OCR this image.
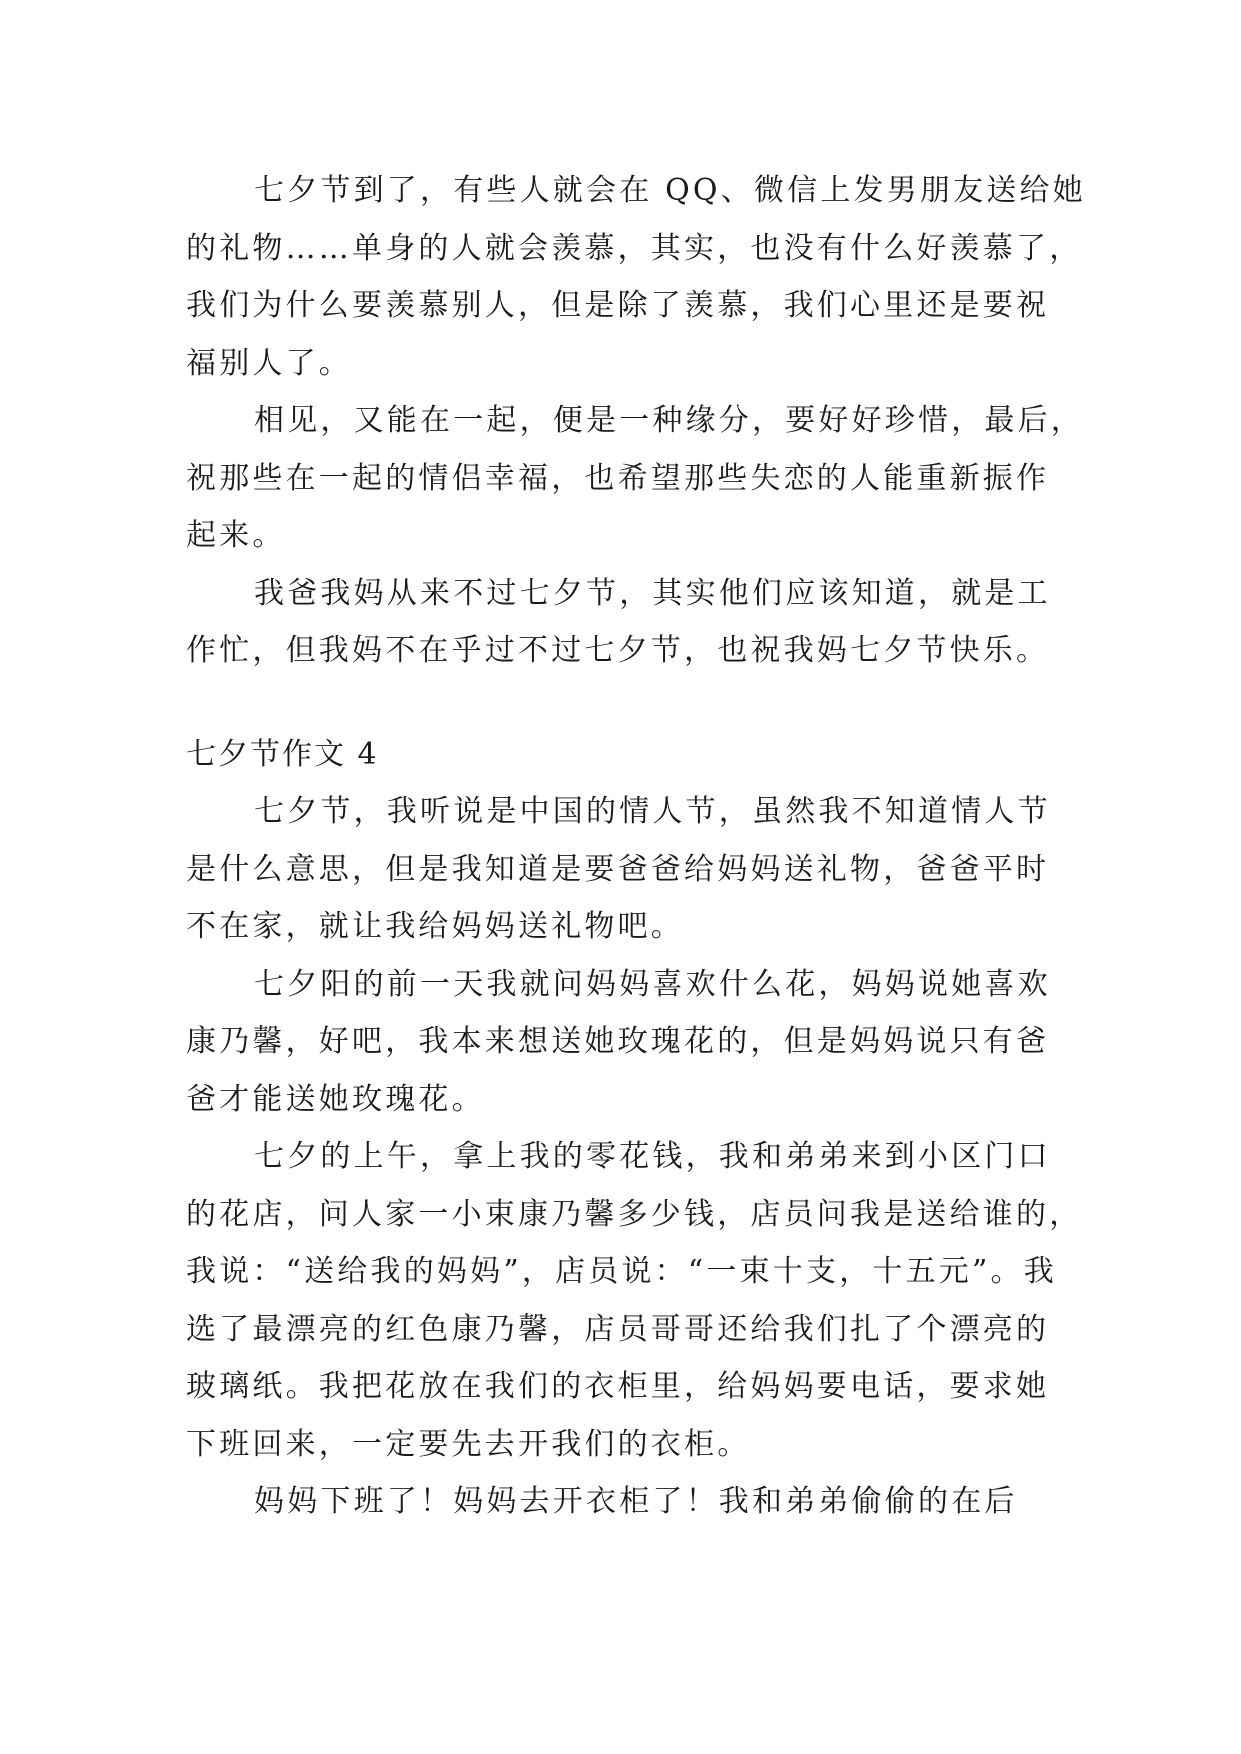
七夕节到了，有些人就会在 QQ、微信上发男朋友送给她
的礼物……单身的人就会羡慕，其实，也没有什么好羡慕了，
我们为什么要羡慕别人，但是除了羡慕，我们心里还是要祝
福别人了。
相见，又能在一起，便是一种缘分，要好好珍惜，最后，
祝那些在一起的情侣幸福，也希望那些失恋的人能重新振作
起来。
我爸我妈从来不过七夕节，其实他们应该知道，就是工
作忙，但我妈不在乎过不过七夕节，也祝我妈七夕节快乐。
七夕节作文 4
七夕节，我听说是中国的情人节，虽然我不知道情人节
是什么意思，但是我知道是要爸爸给妈妈送礼物，爸爸平时
不在家，就让我给妈妈送礼物吧。
七夕阳的前一天我就问妈妈喜欢什么花，妈妈说她喜欢
康乃馨，好吧，我本来想送她玫瑰花的，但是妈妈说只有爸
爸才能送她玫瑰花。
七夕的上午，拿上我的零花钱，我和弟弟来到小区门口
的花店，问人家一小束康乃馨多少钱，店员问我是送给谁的，
我说：“送给我的妈妈”，店员说：“一束十支，十五元”。我
选了最漂亮的红色康乃馨，店员哥哥还给我们扎了个漂亮的
玻璃纸。我把花放在我们的衣柜里，给妈妈要电话，要求她
下班回来，一定要先去开我们的衣柜。
妈妈下班了！妈妈去开衣柜了！我和弟弟偷偷的在后
